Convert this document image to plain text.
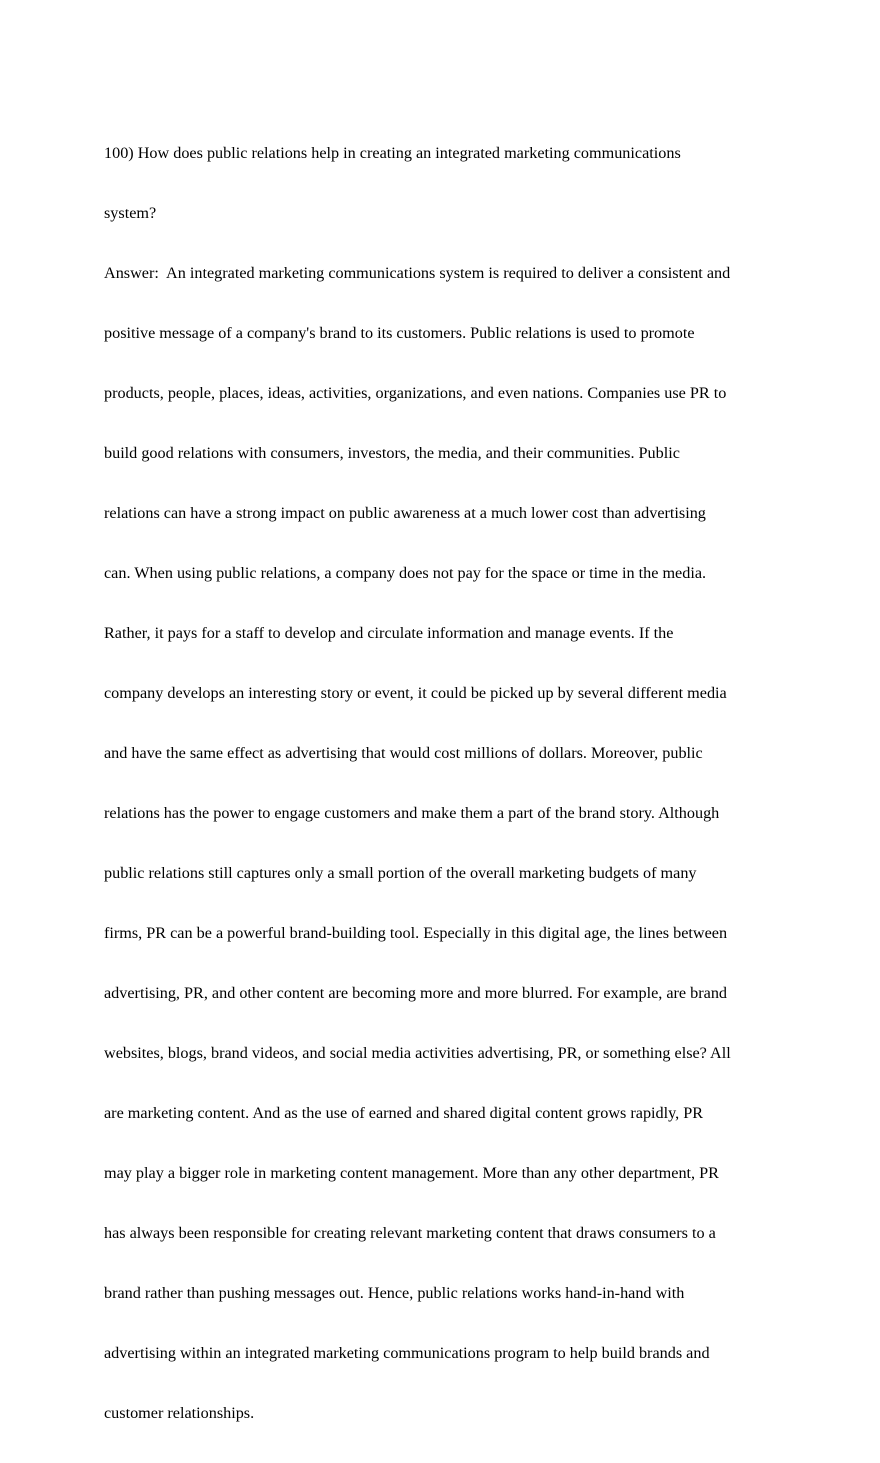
100) How does public relations help in creating an integrated marketing communications

system?

Answer:  An integrated marketing communications system is required to deliver a consistent and

positive message of a company's brand to its customers. Public relations is used to promote

products, people, places, ideas, activities, organizations, and even nations. Companies use PR to

build good relations with consumers, investors, the media, and their communities. Public

relations can have a strong impact on public awareness at a much lower cost than advertising

can. When using public relations, a company does not pay for the space or time in the media.

Rather, it pays for a staff to develop and circulate information and manage events. If the

company develops an interesting story or event, it could be picked up by several different media

and have the same effect as advertising that would cost millions of dollars. Moreover, public

relations has the power to engage customers and make them a part of the brand story. Although

public relations still captures only a small portion of the overall marketing budgets of many

firms, PR can be a powerful brand-building tool. Especially in this digital age, the lines between

advertising, PR, and other content are becoming more and more blurred. For example, are brand

websites, blogs, brand videos, and social media activities advertising, PR, or something else? All

are marketing content. And as the use of earned and shared digital content grows rapidly, PR

may play a bigger role in marketing content management. More than any other department, PR

has always been responsible for creating relevant marketing content that draws consumers to a

brand rather than pushing messages out. Hence, public relations works hand-in-hand with

advertising within an integrated marketing communications program to help build brands and

customer relationships.
